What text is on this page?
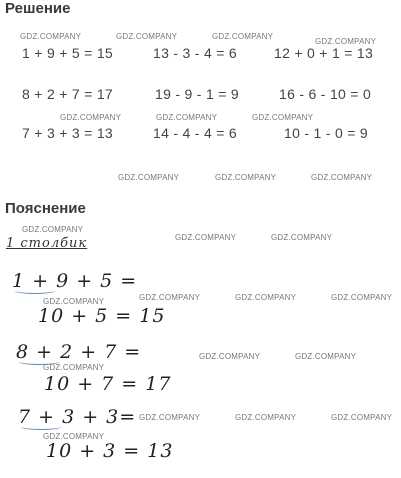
Решение
1 + 9 + 5 = 15	13 - 3 - 4 = 6	12 + 0 + 1 = 13
8 + 2 + 7 = 17	19 - 9 - 1 = 9	16 - 6 - 10 = 0
7 + 3 + 3 = 13	14 - 4 - 4 = 6	10 - 1 - 0 = 9
Пояснение
1 столбик
1 + 9 + 5 =
10 + 5 = 15
8 + 2 + 7 =
10 + 7 = 17
7 + 3 + 3=
10 + 3 = 13
GDZ.COMPANY	GDZ.COMPANY	GDZ.COMPANY
GDZ.COMPANY
GDZ.COMPANY	GDZ.COMPANY	GDZ.COMPANY
GDZ.COMPANY	GDZ.COMPANY	GDZ.COMPANY
GDZ.COMPANY
GDZ.COMPANY	GDZ.COMPANY
GDZ.COMPANY	GDZ.COMPANY	GDZ.COMPANY	GDZ.COMPANY
GDZ.COMPANY
GDZ.COMPANY	GDZ.COMPANY
GDZ.COMPANY	GDZ.COMPANY	GDZ.COMPANY
GDZ.COMPANY
